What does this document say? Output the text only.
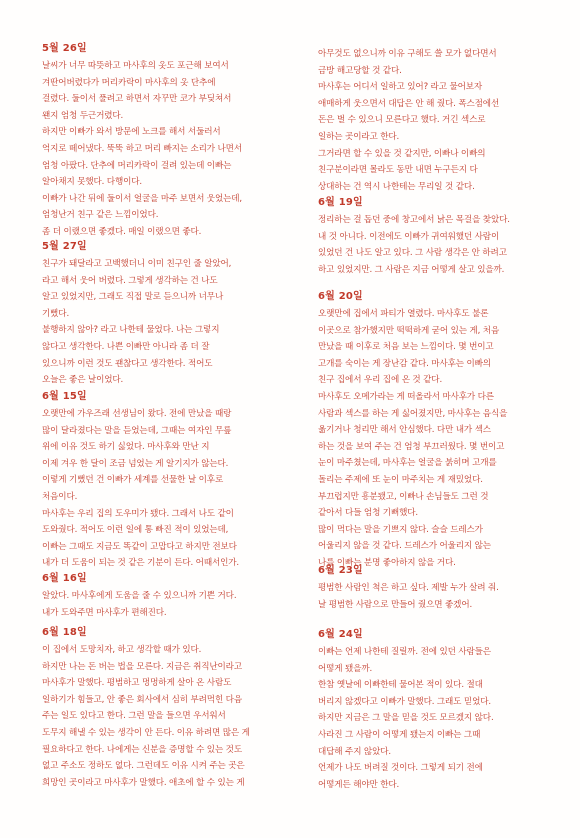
5월 26일
날씨가 너무 따뜻하고 마사후의 옷도 포근해 보여서
겨딴어버렸다가 머리카락이 마사후의 옷 단추에
걸렸다. 둘이서 풀려고 하면서 자꾸만 코가 부딪쳐서
왠지 엄청 두근거렸다.
하지만 이빠가 와서 방문에 노크를 해서 서둘러서
억지로 떼어냈다. 뚝뚝 하고 머리 빠지는 소리가 나면서
엄청 아팠다. 단추에 머리카락이 걸려 있는데 이빠는
알아채지 못했다. 다행이다.
이빠가 나간 뒤에 둘이서 얼굴을 마주 보면서 웃었는데,
엄청난거 친구 같은 느낌이었다.
좀 더 이랬으면 좋겠다. 매일 이랬으면 좋다.
5월 27일
친구가 돼달라고 고백했더니 이미 친구인 줄 알았어,
라고 해서 웃어 버렸다. 그렇게 생각하는 건 나도
알고 있었지만, 그래도 직접 말로 듣으니까 너무나
기뻤다.
불행하지 않아? 라고 나한테 물었다. 나는 그렇지
않다고 생각한다. 나쁜 이빠만 아니라 좀 더 잘
있으니까 이런 것도 괜찮다고 생각한다. 적어도
오늘은 좋은 날이었다.
6월 15일
오랫만에 가우즈래 선생님이 왔다. 전에 만났을 때랑
많이 달라졌다는 말을 듣었는데, 그때는 여자인 무릎
위에 이유 것도 하기 싫었다. 마사후와 만난 지
이제 겨우 한 달이 조금 넘었는 게 알기지가 않는다.
이렇게 기뻤던 건 이빠가 세계를 선물한 날 이후로
처음이다.
마사후는 우리 집의 도우미가 됐다. 그래서 나도 같이
도와줬다. 적어도 이런 일에 통 빠진 적이 있었는데,
이빠는 그때도 지금도 똑같이 고맙다고 하지만 전보다
내가 더 도움이 되는 것 같은 기분이 든다. 어때서인가.
6월 16일
알았다. 마사후에게 도움을 줄 수 있으니까 기쁜 거다.
내가 도와주면 마사후가 편해진다.
6월 18일
이 집에서 도망치자, 하고 생각할 때가 있다.
하지만 나는 돈 버는 법을 모른다. 지금은 취직난이라고
마사후가 말했다. 평범하고 멍멍하게 살아 온 사람도
일하기가 힘들고, 안 좋은 회사에서 심히 부려먹힌 다음
주는 일도 있다고 한다. 그런 말을 들으면 우서워서
도무지 해낼 수 있는 생각이 안 든다. 이유 하려면 많은 게
필요하다고 한다. 나에게는 신분을 증명할 수 있는 것도
없고 주소도 정하도 없다. 그런데도 이유 시켜 주는 곳은
희망인 곳이라고 마사후가 말했다. 애초에 할 수 있는 게
아무것도 없으니까 이유 구해도 쓸 모가 없다면서
금방 해고당할 것 같다.
마사후는 어디서 일하고 있어? 라고 물어보자
애매하게 웃으면서 대답은 안 해 줬다. 폭스점에선
돈은 벌 수 있으니 모른다고 했다. 거긴 섹스로
일하는 곳이라고 한다.
그거라면 할 수 있을 것 같지만, 이빠나 이빠의
친구분이라면 몰라도 동만 내면 누구든지 다
상대하는 건 역시 나한테는 무리일 것 같다.
6월 19일
정리하는 걸 돕던 중에 창고에서 낡은 목걸을 찾았다.
내 것 아니다. 이전에도 이빠가 귀여워했던 사람이
있었던 건 나도 알고 있다. 그 사람 생각은 안 하려고
하고 있었지만. 그 사람은 지금 어떻게 살고 있을까.
6월 20일
오랫만에 집에서 파티가 열렸다. 마사후도 불론
이곳으로 참가했지만 떡떡하게 굳어 있는 게, 처음
만났을 때 이후로 처음 보는 느낌이다. 몇 번이고
고개를 숙이는 게 장난감 같다. 마사후는 이빠의
친구 집에서 우리 집에 온 것 같다.
마사후도 오메가라는 게 떠올라서 마사후가 다른
사람과 섹스를 하는 게 싫어졌지만, 마사후는 음식을
옮기거나 청리만 해서 안심했다. 다만 내가 섹스
하는 것을 보여 주는 건 엄청 부끄러웠다. 몇 번이고
눈이 마주쳤는데, 마사후는 얼굴을 붉히며 고개를
돌리는 주제에 또 눈이 마주치는 게 재밌었다.
부끄럽지만 흥분됐고, 이빠나 손님들도 그런 것
같아서 다들 엄청 기뻐했다.
많이 먹다는 말을 기쁘지 않다. 슬슬 드레스가
어울리지 않을 것 같다. 드레스가 어울리지 않는
나를 이빠는 분명 좋아하지 않을 거다.
6월 23일
평범한 사람인 척은 하고 싶다. 제발 누가 살려 줘.
날 평범한 사람으로 만들어 줬으면 좋겠어.
6월 24일
이빠는 언제 나한테 질릴까. 전에 있던 사람들은
어떻게 됐을까.
한참 옛날에 이빠한테 물어본 적이 있다. 절대
버리지 않겠다고 이빠가 말했다. 그래도 믿었다.
하지만 지금은 그 말을 믿을 것도 모르겠지 않다.
사라진 그 사람이 어떻게 됐는지 이빠는 그때
대답해 주지 않았다.
언제가 나도 버려질 것이다. 그렇게 되기 전에
어떻게든 해야만 한다.
